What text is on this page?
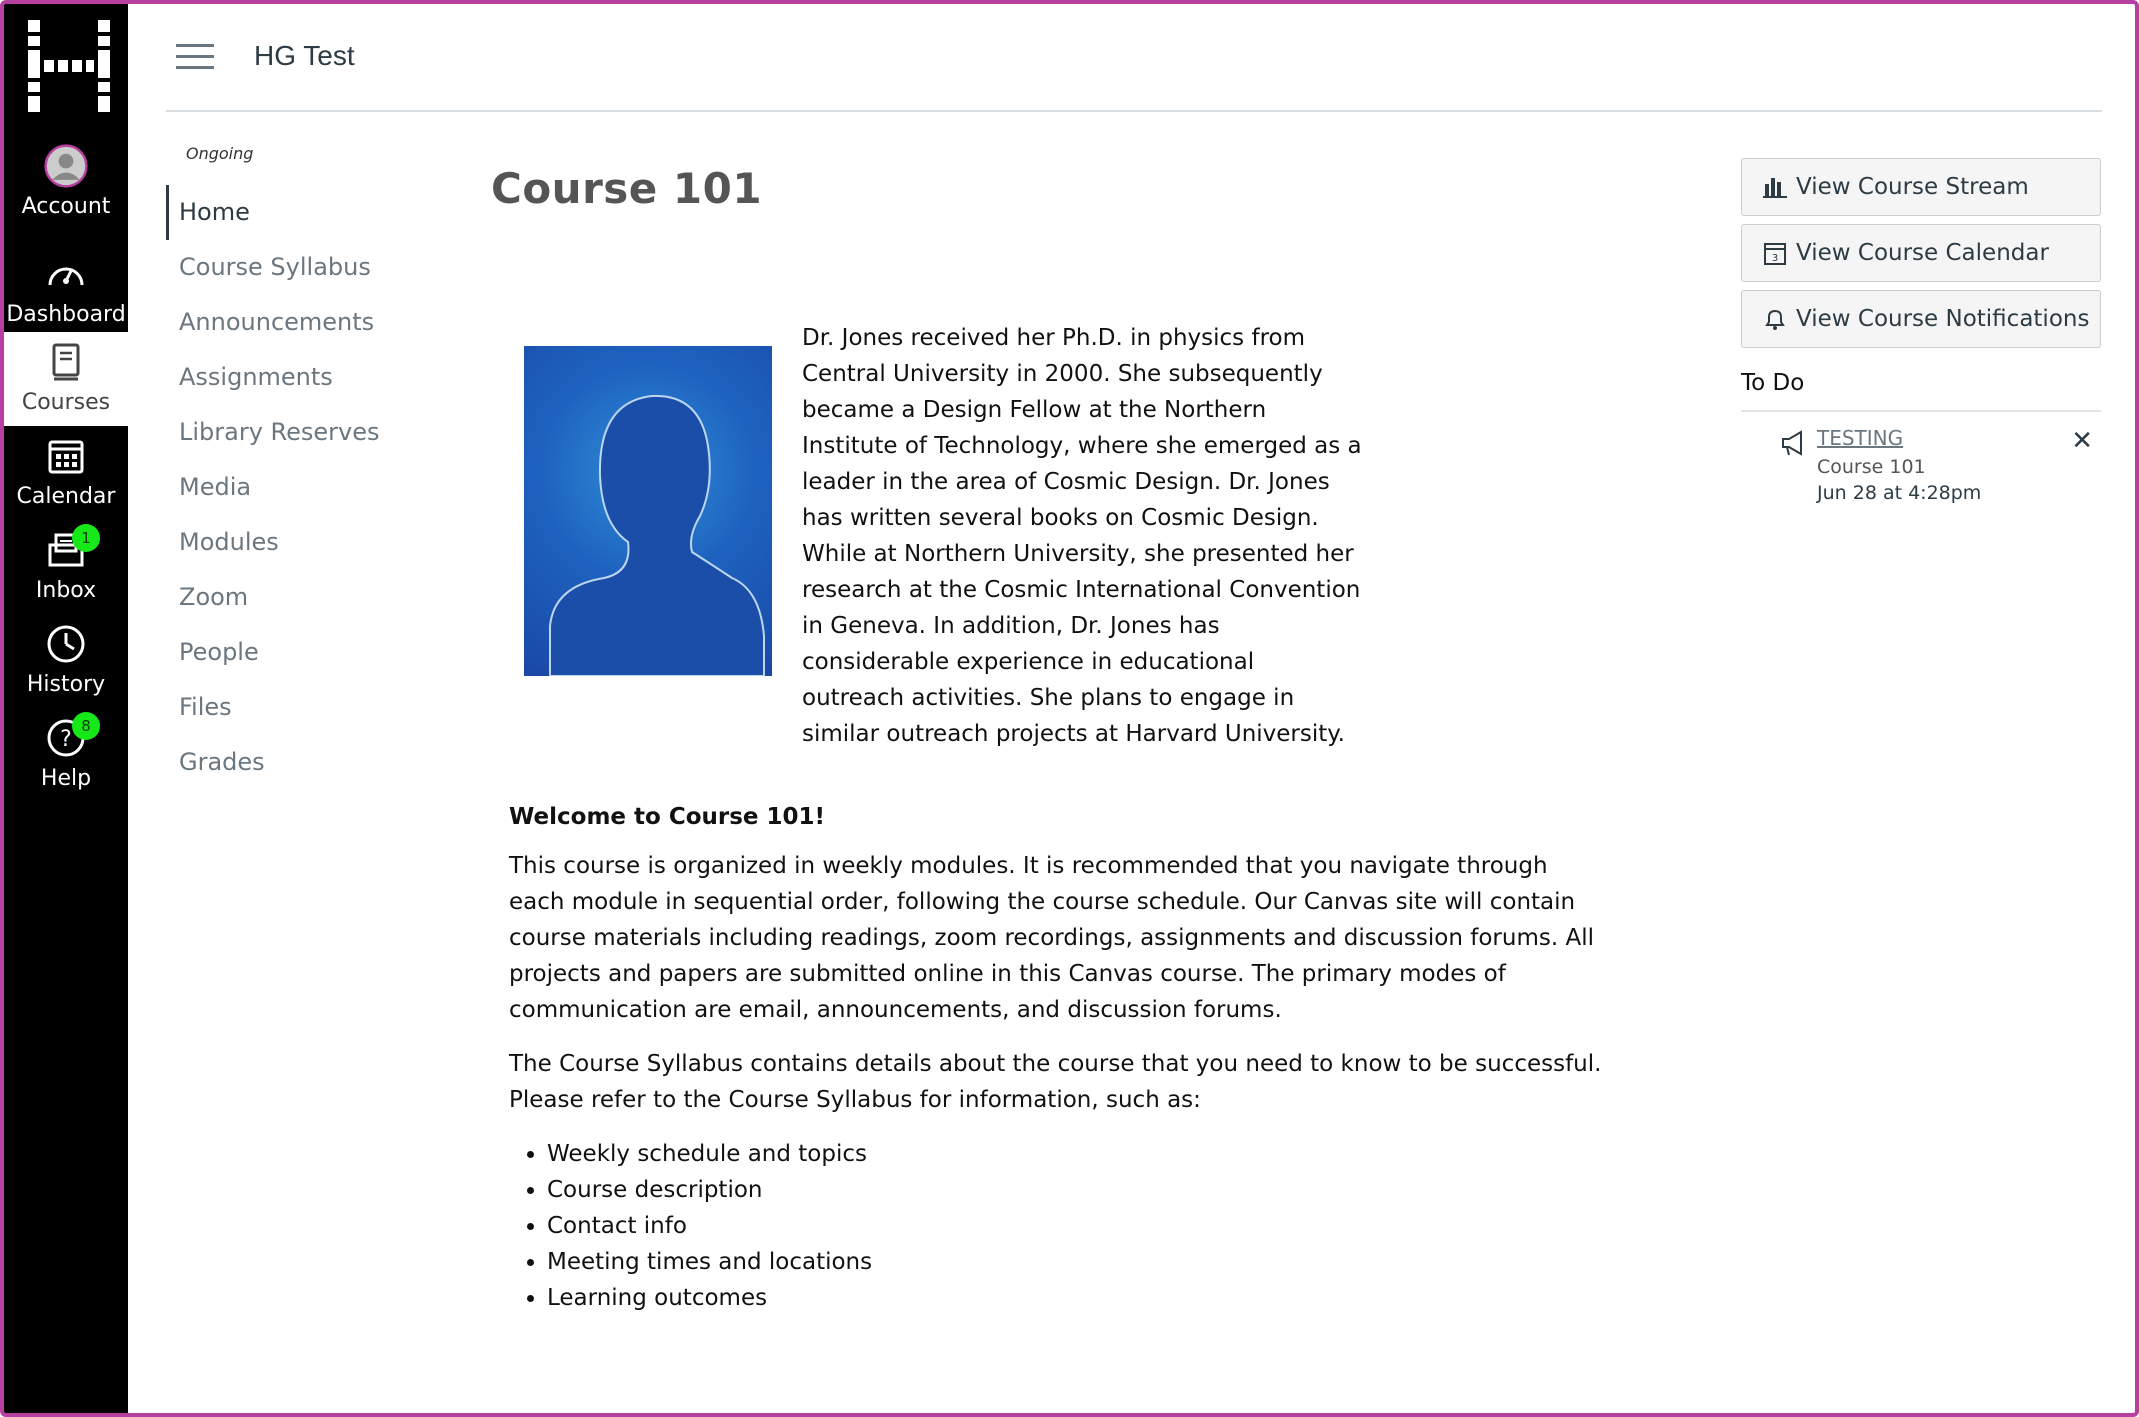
Account
Dashboard
Courses
Calendar
1
Inbox
History
?
8
Help
HG Test
Ongoing
Home
Course Syllabus
Announcements
Assignments
Library Reserves
Media
Modules
Zoom
People
Files
Grades
Course 101

Dr. Jones received her Ph.D. in physics from Central University in 2000. She subsequently became a Design Fellow at the Northern Institute of Technology, where she emerged as a leader in the area of Cosmic Design. Dr. Jones has written several books on Cosmic Design. While at Northern University, she presented her research at the Cosmic International Convention in Geneva. In addition, Dr. Jones has considerable experience in educational outreach activities. She plans to engage in similar outreach projects at Harvard University.

Welcome to Course 101!

This course is organized in weekly modules. It is recommended that you navigate through each module in sequential order, following the course schedule. Our Canvas site will contain course materials including readings, zoom recordings, assignments and discussion forums. All projects and papers are submitted online in this Canvas course. The primary modes of communication are email, announcements, and discussion forums.

The Course Syllabus contains details about the course that you need to know to be successful. Please refer to the Course Syllabus for information, such as:

• Weekly schedule and topics
• Course description
• Contact info
• Meeting times and locations
• Learning outcomes
View Course Stream
3 View Course Calendar
View Course Notifications
To Do
TESTING
Course 101
Jun 28 at 4:28pm
✕
